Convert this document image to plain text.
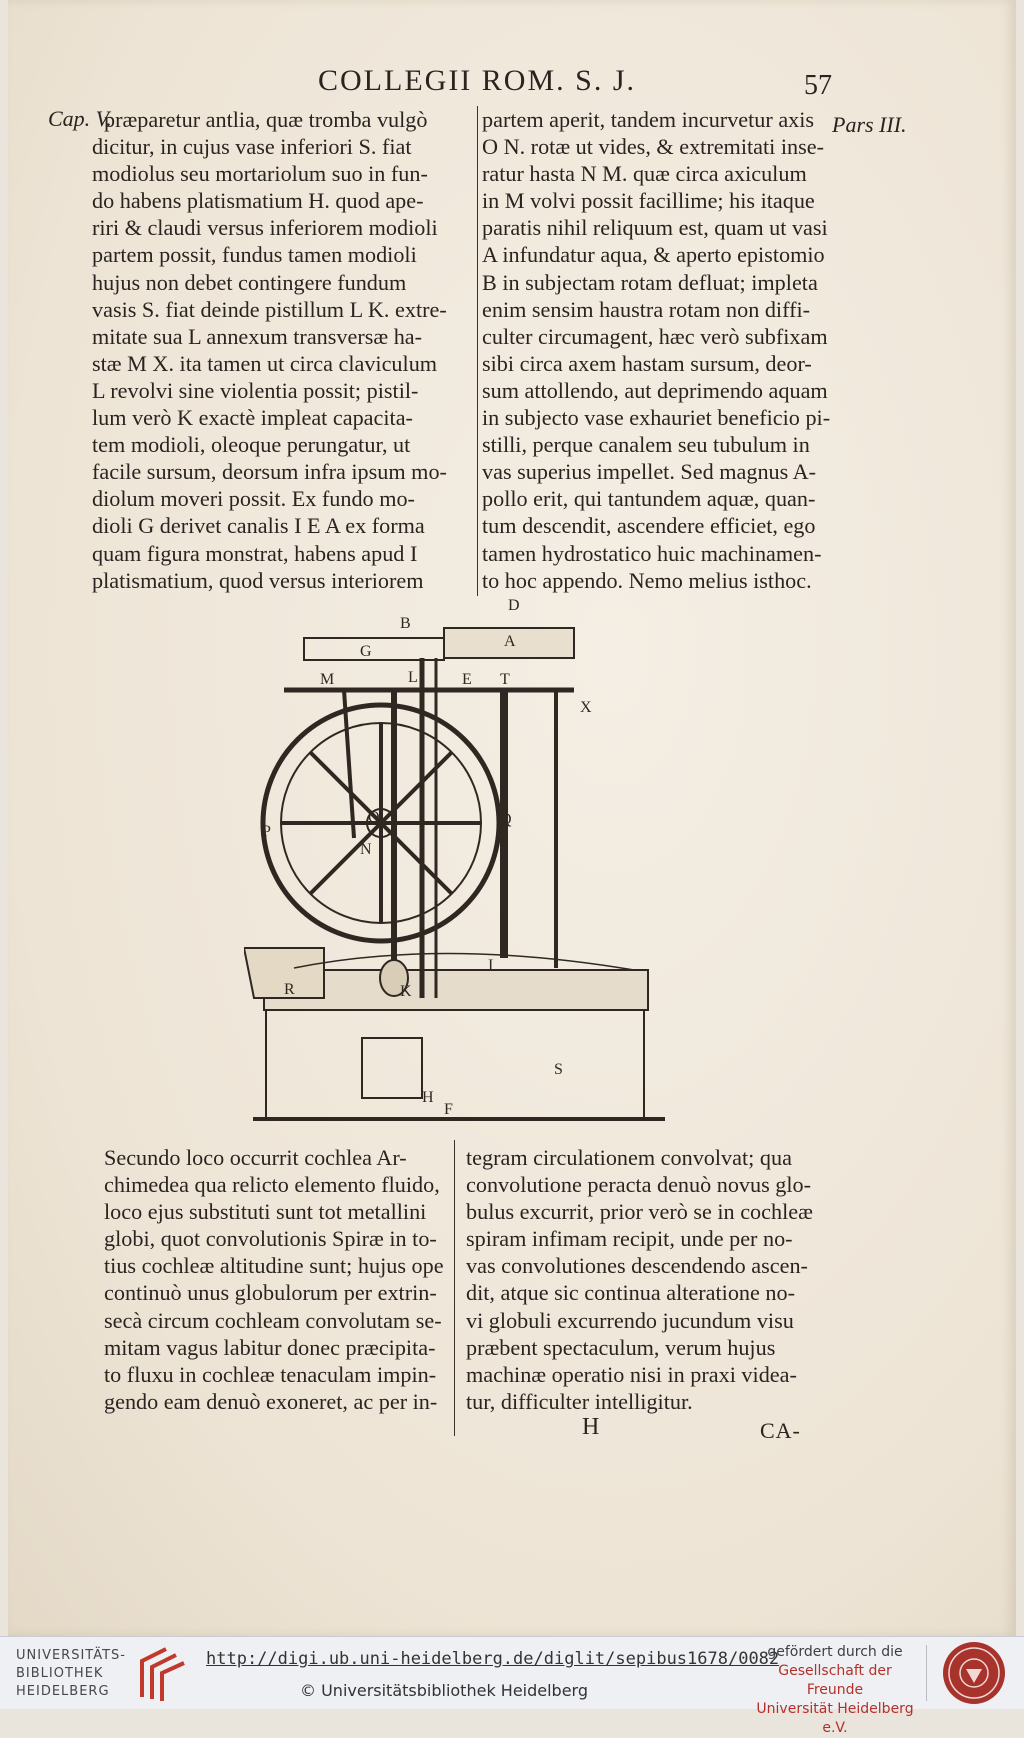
COLLEGII ROM. S. J.	57
Cap. V.	Pars III.
præparetur antlia, quæ tromba vulgò
dicitur, in cujus vase inferiori S. fiat
modiolus seu mortariolum suo in fun-
do habens platismatium H. quod ape-
riri & claudi versus inferiorem modioli
partem possit, fundus tamen modioli
hujus non debet contingere fundum
vasis S. fiat deinde pistillum L K. extre-
mitate sua L annexum transversæ ha-
stæ M X. ita tamen ut circa claviculum
L revolvi sine violentia possit; pistil-
lum verò K exactè impleat capacita-
tem modioli, oleoque perungatur, ut
facile sursum, deorsum infra ipsum mo-
diolum moveri possit. Ex fundo mo-
dioli G derivet canalis I E A ex forma
quam figura monstrat, habens apud I
platismatium, quod versus interiorem
partem aperit, tandem incurvetur axis
O N. rotæ ut vides, & extremitati inse-
ratur hasta N M. quæ circa axiculum
in M volvi possit facillime; his itaque
paratis nihil reliquum est, quam ut vasi
A infundatur aqua, & aperto epistomio
B in subjectam rotam defluat; impleta
enim sensim haustra rotam non diffi-
culter circumagent, hæc verò subfixam
sibi circa axem hastam sursum, deor-
sum attollendo, aut deprimendo aquam
in subjecto vase exhauriet beneficio pi-
stilli, perque canalem seu tubulum in
vas superius impellet. Sed magnus A-
pollo erit, qui tantundem aquæ, quan-
tum descendit, ascendere efficiet, ego
tamen hydrostatico huic machinamen-
to hoc appendo. Nemo melius isthoc.
D
B
G
A
M	L	E T
X
P
O
N
Q
R	K
S
H
F
I
Secundo loco occurrit cochlea Ar-
chimedea qua relicto elemento fluido,
loco ejus substituti sunt tot metallini
globi, quot convolutionis Spiræ in to-
tius cochleæ altitudine sunt; hujus ope
continuò unus globulorum per extrin-
secà circum cochleam convolutam se-
mitam vagus labitur donec præcipita-
to fluxu in cochleæ tenaculam impin-
gendo eam denuò exoneret, ac per in-
tegram circulationem convolvat; qua
convolutione peracta denuò novus glo-
bulus excurrit, prior verò se in cochleæ
spiram infimam recipit, unde per no-
vas convolutiones descendendo ascen-
dit, atque sic continua alteratione no-
vi globuli excurrendo jucundum visu
præbent spectaculum, verum hujus
machinæ operatio nisi in praxi videa-
tur, difficulter intelligitur.
H	CA-
UNIVERSITÄTS-
BIBLIOTHEK
HEIDELBERG
http://digi.ub.uni-heidelberg.de/diglit/sepibus1678/0082
© Universitätsbibliothek Heidelberg
gefördert durch die
Gesellschaft der Freunde
Universität Heidelberg e.V.
